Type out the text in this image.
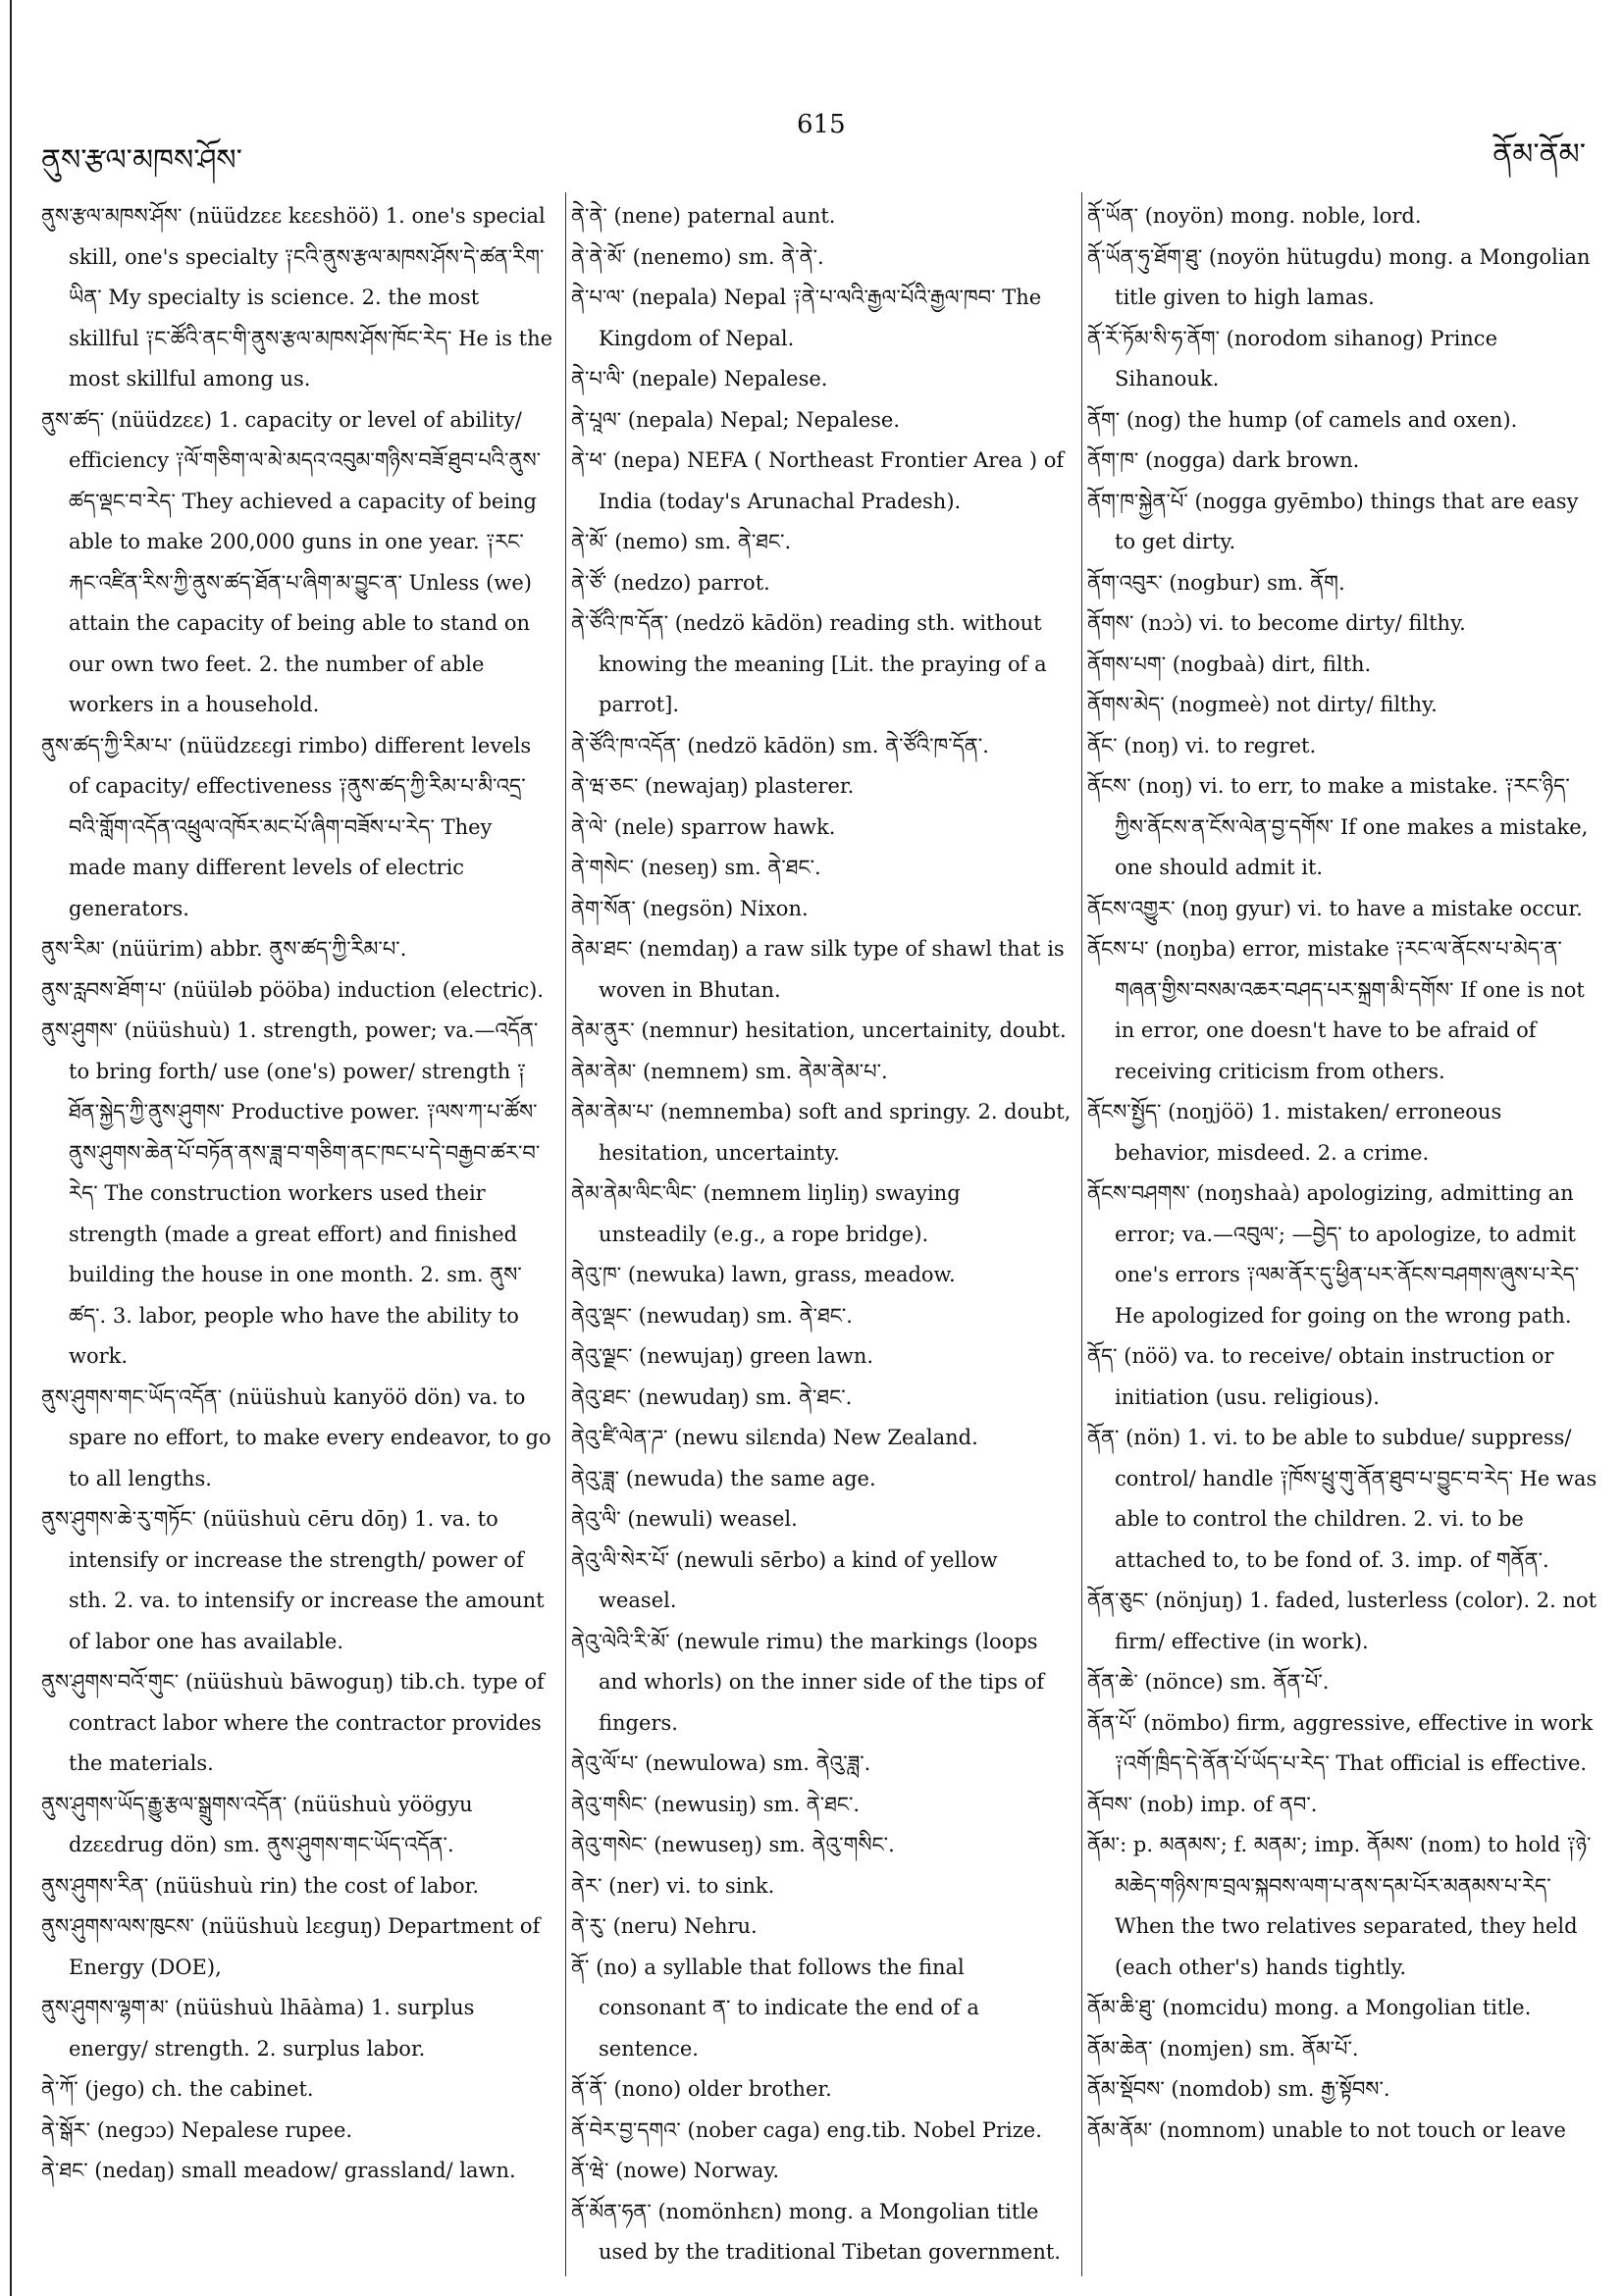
ནུས་རྩལ་མཁས་ཤོས་
615
ནོམ་ནོམ་

ནུས་རྩལ་མཁས་ཤོས་ (nüüdzεε kεεshöö) 1. one's special skill, one's specialty ༑ངའི་ནུས་རྩལ་མཁས་ཤོས་དེ་ཚན་རིག་ཡིན་ My specialty is science. 2. the most skillful ༑ང་ཚོའི་ནང་གི་ནུས་རྩལ་མཁས་ཤོས་ཁོང་རེད་ He is the most skillful among us.

ནུས་ཚད་ (nüüdzεε) 1. capacity or level of ability/ efficiency ༑ལོ་གཅིག་ལ་མེ་མདའ་འབུམ་གཉིས་བཟོ་ཐུབ་པའི་ནུས་ཚད་ལྡང་བ་རེད་ They achieved a capacity of being able to make 200,000 guns in one year. ༑རང་རྐང་འཛིན་རིས་ཀྱི་ནུས་ཚད་ཐོན་པ་ཞིག་མ་བྱུང་ན་ Unless (we) attain the capacity of being able to stand on our own two feet. 2. the number of able workers in a household.

ནུས་ཚད་ཀྱི་རིམ་པ་ (nüüdzεεgi rimbo) different levels of capacity/ effectiveness ༑ནུས་ཚད་ཀྱི་རིམ་པ་མི་འདྲ་བའི་གློག་འདོན་འཕྲུལ་འཁོར་མང་པོ་ཞིག་བཟོས་པ་རེད་ They made many different levels of electric generators.

ནུས་རིམ་ (nüürim) abbr. ནུས་ཚད་ཀྱི་རིམ་པ་.

ནུས་རླབས་ཐོག་པ་ (nüüləb pööba) induction (electric).

ནུས་ཤུགས་ (nüüshuù) 1. strength, power; va.—འདོན་ to bring forth/ use (one's) power/ strength ༑ཐོན་སྐྱེད་ཀྱི་ནུས་ཤུགས་ Productive power. ༑ལས་ཀ་པ་ཚོས་ནུས་ཤུགས་ཆེན་པོ་བཏོན་ནས་ཟླ་བ་གཅིག་ནང་ཁང་པ་དེ་བརྒྱབ་ཚར་བ་རེད་ The construction workers used their strength (made a great effort) and finished building the house in one month. 2. sm. ནུས་ཚད་. 3. labor, people who have the ability to work.

ནུས་ཤུགས་གང་ཡོད་འདོན་ (nüüshuù kanyöö dön) va. to spare no effort, to make every endeavor, to go to all lengths.

ནུས་ཤུགས་ཆེ་རུ་གཏོང་ (nüüshuù cēru dōŋ) 1. va. to intensify or increase the strength/ power of sth. 2. va. to intensify or increase the amount of labor one has available.

ནུས་ཤུགས་བའོ་གུང་ (nüüshuù bāwoguŋ) tib.ch. type of contract labor where the contractor provides the materials.

ནུས་ཤུགས་ཡོད་རྒྱུ་རྩལ་སྒྲུགས་འདོན་ (nüüshuù yöögyu dzεεdrug dön) sm. ནུས་ཤུགས་གང་ཡོད་འདོན་.

ནུས་ཤུགས་རིན་ (nüüshuù rin) the cost of labor.

ནུས་ཤུགས་ལས་ཁུངས་ (nüüshuù lεεguŋ) Department of Energy (DOE),

ནུས་ཤུགས་ལྷག་མ་ (nüüshuù lhāàma) 1. surplus energy/ strength. 2. surplus labor.

ནེ་ཀོ་ (jego) ch. the cabinet.

ནེ་སྒོར་ (negɔɔ) Nepalese rupee.

ནེ་ཐང་ (nedaŋ) small meadow/ grassland/ lawn.

ནེ་ནེ་ (nene) paternal aunt.

ནེ་ནེ་མོ་ (nenemo) sm. ནེ་ནེ་.

ནེ་པ་ལ་ (nepala) Nepal ༑ནེ་པ་ལའི་རྒྱལ་པོའི་རྒྱལ་ཁབ་ The Kingdom of Nepal.

ནེ་པ་ལི་ (nepale) Nepalese.

ནེ་པཱལ་ (nepala) Nepal; Nepalese.

ནེ་ཕ་ (nepa) NEFA ( Northeast Frontier Area ) of India (today's Arunachal Pradesh).

ནེ་མོ་ (nemo) sm. ནེ་ཐང་.

ནེ་ཙོ་ (nedzo) parrot.

ནེ་ཙོའི་ཁ་དོན་ (nedzö kādön) reading sth. without knowing the meaning [Lit. the praying of a parrot].

ནེ་ཙོའི་ཁ་འདོན་ (nedzö kādön) sm. ནེ་ཙོའི་ཁ་དོན་.

ནེ་ཝ་ཅང་ (newajaŋ) plasterer.

ནེ་ལེ་ (nele) sparrow hawk.

ནེ་གསེང་ (neseŋ) sm. ནེ་ཐང་.

ནེག་སོན་ (negsön) Nixon.

ནེམ་ཐང་ (nemdaŋ) a raw silk type of shawl that is woven in Bhutan.

ནེམ་ནུར་ (nemnur) hesitation, uncertainity, doubt.

ནེམ་ནེམ་ (nemnem) sm. ནེམ་ནེམ་པ་.

ནེམ་ནེམ་པ་ (nemnemba) soft and springy. 2. doubt, hesitation, uncertainty.

ནེམ་ནེམ་ལིང་ལིང་ (nemnem liŋliŋ) swaying unsteadily (e.g., a rope bridge).

ནེའུ་ཁ་ (newuka) lawn, grass, meadow.

ནེའུ་ལྡང་ (newudaŋ) sm. ནེ་ཐང་.

ནེའུ་ལྗང་ (newujaŋ) green lawn.

ནེའུ་ཐང་ (newudaŋ) sm. ནེ་ཐང་.

ནེའུ་ཛི་ལེན་ཌ་ (newu silεnda) New Zealand.

ནེའུ་ཟླ་ (newuda) the same age.

ནེའུ་ལི་ (newuli) weasel.

ནེའུ་ལི་སེར་པོ་ (newuli sērbo) a kind of yellow weasel.

ནེའུ་ལེའི་རི་མོ་ (newule rimu) the markings (loops and whorls) on the inner side of the tips of fingers.

ནེའུ་ལོ་པ་ (newulowa) sm. ནེའུ་ཟླ་.

ནེའུ་གསིང་ (newusiŋ) sm. ནེ་ཐང་.

ནེའུ་གསེང་ (newuseŋ) sm. ནེའུ་གསིང་.

ནེར་ (ner) vi. to sink.

ནེ་རུ་ (neru) Nehru.

ནོ་ (no) a syllable that follows the final consonant ན་ to indicate the end of a sentence.

ནོ་ནོ་ (nono) older brother.

ནོ་བེར་བྱ་དགའ་ (nober caga) eng.tib. Nobel Prize.

ནོ་ཝེ་ (nowe) Norway.

ནོ་མོན་ཧན་ (nomönhεn) mong. a Mongolian title used by the traditional Tibetan government.

ནོ་ཡོན་ (noyön) mong. noble, lord.

ནོ་ཡོན་ཧུ་ཐོག་ཐུ་ (noyön hütugdu) mong. a Mongolian title given to high lamas.

ནོ་རོ་ཏོམ་སི་ཧ་ནོག་ (norodom sihanog) Prince Sihanouk.

ནོག་ (nog) the hump (of camels and oxen).

ནོག་ཁ་ (nogga) dark brown.

ནོག་ཁ་སྐྱེན་པོ་ (nogga gyēmbo) things that are easy to get dirty.

ནོག་འབུར་ (nogbur) sm. ནོག.

ནོགས་ (nɔɔ̀) vi. to become dirty/ filthy.

ནོགས་པག་ (nogbaà) dirt, filth.

ནོགས་མེད་ (nogmeè) not dirty/ filthy.

ནོང་ (noŋ) vi. to regret.

ནོངས་ (noŋ) vi. to err, to make a mistake. ༑རང་ཉིད་ཀྱིས་ནོངས་ན་ངོས་ལེན་བྱ་དགོས་ If one makes a mistake, one should admit it.

ནོངས་འགྱུར་ (noŋ gyur) vi. to have a mistake occur.

ནོངས་པ་ (noŋba) error, mistake ༑རང་ལ་ནོངས་པ་མེད་ན་གཞན་གྱིས་བསམ་འཆར་བཤད་པར་སྐྲག་མི་དགོས་ If one is not in error, one doesn't have to be afraid of receiving criticism from others.

ནོངས་སྤྱོད་ (noŋjöö) 1. mistaken/ erroneous behavior, misdeed. 2. a crime.

ནོངས་བཤགས་ (noŋshaà) apologizing, admitting an error; va.—འབུལ་; —བྱེད་ to apologize, to admit one's errors ༑ལམ་ནོར་དུ་ཕྱིན་པར་ནོངས་བཤགས་ཞུས་པ་རེད་ He apologized for going on the wrong path.

ནོད་ (nöö) va. to receive/ obtain instruction or initiation (usu. religious).

ནོན་ (nön) 1. vi. to be able to subdue/ suppress/ control/ handle ༑ཁོས་ཕྲུ་གུ་ནོན་ཐུབ་པ་བྱུང་བ་རེད་ He was able to control the children. 2. vi. to be attached to, to be fond of. 3. imp. of གནོན་.

ནོན་ཅུང་ (nönjuŋ) 1. faded, lusterless (color). 2. not firm/ effective (in work).

ནོན་ཆེ་ (nönce) sm. ནོན་པོ་.

ནོན་པོ་ (nömbo) firm, aggressive, effective in work ༑འགོ་ཁྲིད་དེ་ནོན་པོ་ཡོད་པ་རེད་ That official is effective.

ནོབས་ (nob) imp. of ནབ་.

ནོམ་: p. མནམས་; f. མནམ་; imp. ནོམས་ (nom) to hold ༑ཉེ་མཆེད་གཉིས་ཁ་བྲལ་སྐབས་ལག་པ་ནས་དམ་པོར་མནམས་པ་རེད་ When the two relatives separated, they held (each other's) hands tightly.

ནོམ་ཆི་ཐུ་ (nomcidu) mong. a Mongolian title.

ནོམ་ཆེན་ (nomjen) sm. ནོམ་པོ་.

ནོམ་སྡོབས་ (nomdob) sm. རྒྱ་སྟོབས་.

ནོམ་ནོམ་ (nomnom) unable to not touch or leave
